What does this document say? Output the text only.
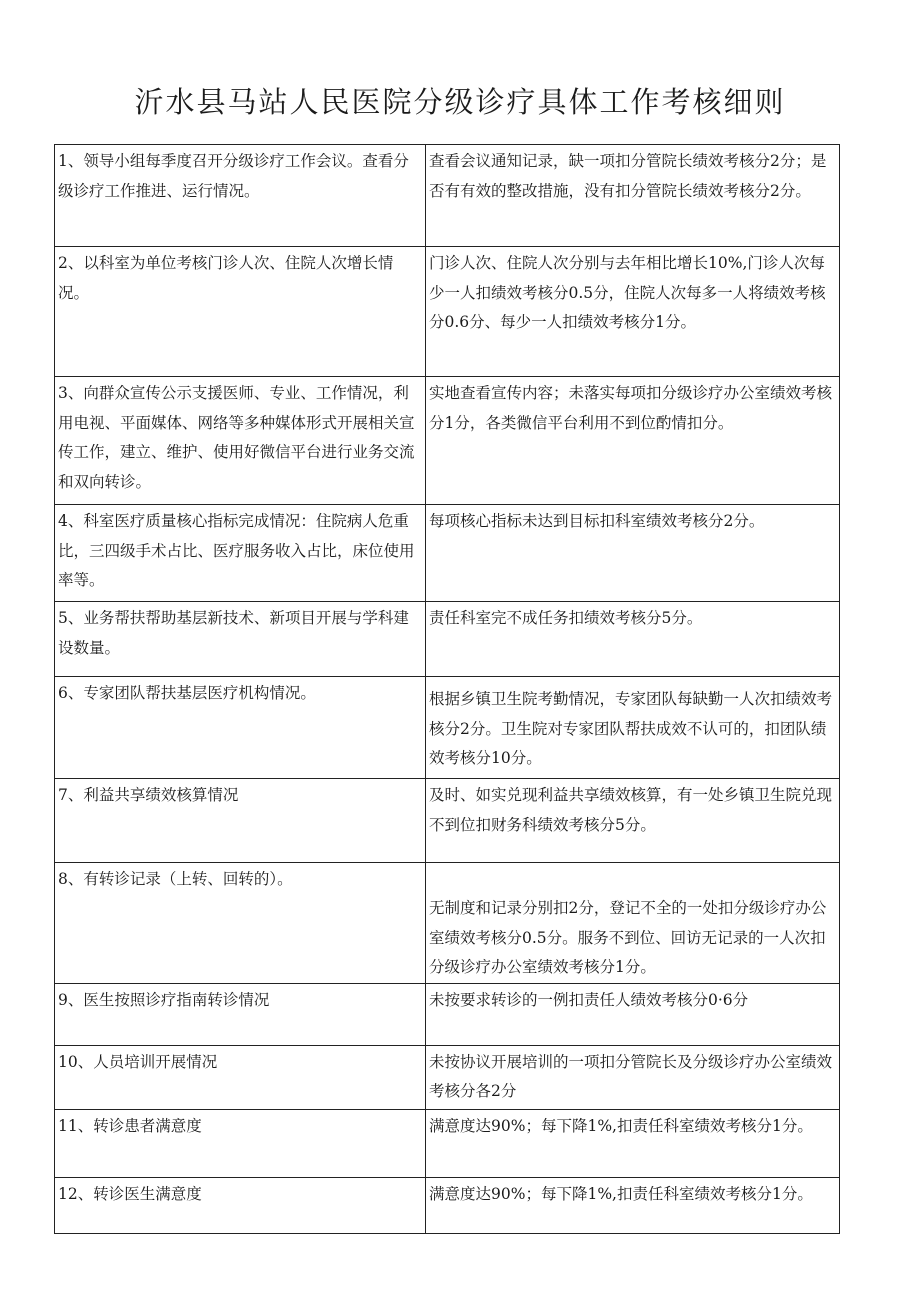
沂水县马站人民医院分级诊疗具体工作考核细则
1、领导小组每季度召开分级诊疗工作会议。查看分级诊疗工作推进、运行情况。	查看会议通知记录，缺一项扣分管院长绩效考核分2分；是否有有效的整改措施，没有扣分管院长绩效考核分2分。
2、以科室为单位考核门诊人次、住院人次增长情况。	门诊人次、住院人次分别与去年相比增长10%,门诊人次每少一人扣绩效考核分0.5分，住院人次每多一人将绩效考核分0.6分、每少一人扣绩效考核分1分。
3、向群众宣传公示支援医师、专业、工作情况，利用电视、平面媒体、网络等多种媒体形式开展相关宣传工作，建立、维护、使用好微信平台进行业务交流和双向转诊。	实地查看宣传内容；未落实每项扣分级诊疗办公室绩效考核分1分，各类微信平台利用不到位酌情扣分。
4、科室医疗质量核心指标完成情况：住院病人危重比，三四级手术占比、医疗服务收入占比，床位使用率等。	每项核心指标未达到目标扣科室绩效考核分2分。
5、业务帮扶帮助基层新技术、新项目开展与学科建设数量。	责任科室完不成任务扣绩效考核分5分。
6、专家团队帮扶基层医疗机构情况。	根据乡镇卫生院考勤情况，专家团队每缺勤一人次扣绩效考核分2分。卫生院对专家团队帮扶成效不认可的，扣团队绩效考核分10分。
7、利益共享绩效核算情况	及时、如实兑现利益共享绩效核算，有一处乡镇卫生院兑现不到位扣财务科绩效考核分5分。
8、有转诊记录（上转、回转的）。	无制度和记录分别扣2分，登记不全的一处扣分级诊疗办公室绩效考核分0.5分。服务不到位、回访无记录的一人次扣分级诊疗办公室绩效考核分1分。
9、医生按照诊疗指南转诊情况	未按要求转诊的一例扣责任人绩效考核分0·6分
10、人员培训开展情况	未按协议开展培训的一项扣分管院长及分级诊疗办公室绩效考核分各2分
11、转诊患者满意度	满意度达90%；每下降1%,扣责任科室绩效考核分1分。
12、转诊医生满意度	满意度达90%；每下降1%,扣责任科室绩效考核分1分。
